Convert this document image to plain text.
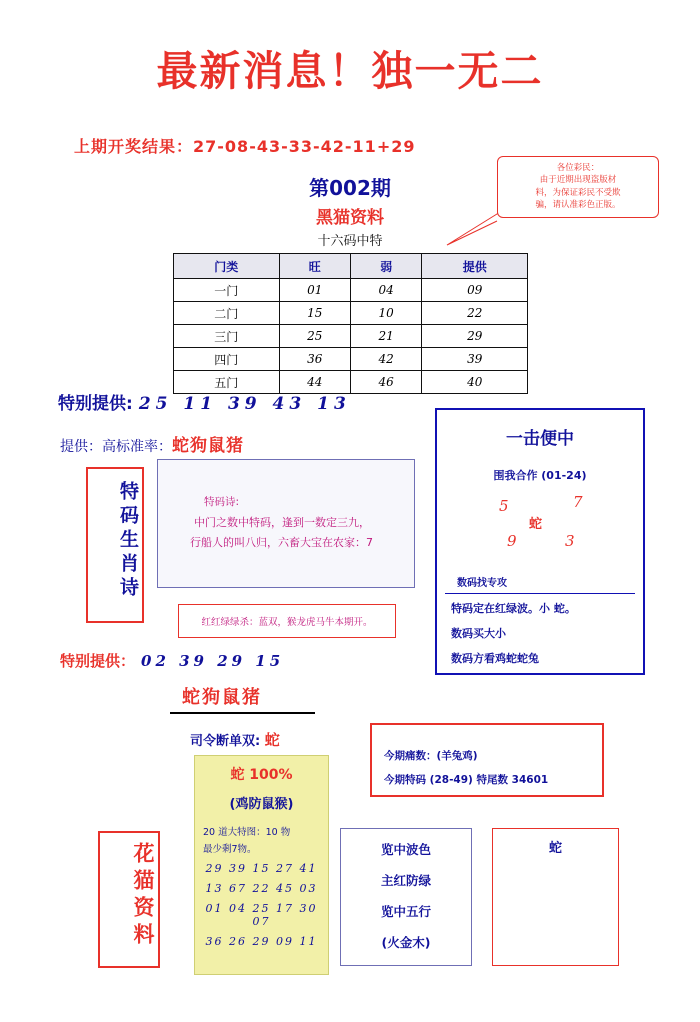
最新消息！独一无二
上期开奖结果：27-08-43-33-42-11+29
第002期
黑猫资料
十六码中特
各位彩民：
由于近期出现盗版材
料，为保证彩民不受欺
骗，请认准彩色正版。
门类	旺	弱	提供
一门	01	04	09
二门	15	10	22
三门	25	21	29
四门	36	42	39
五门	44	46	40
特别提供: 25 11 39 43 13
提供：高标准率：蛇狗鼠猪
特码生肖诗	特码诗:
中门之数中特码，逢到一数定三九，
行船人的叫八归，六畜大宝在农家：7
红红绿绿杀：蓝双，猴龙虎马牛本期开。
特别提供： 02 39 29 15
蛇狗鼠猪
一击便中
围我合作 (01-24)
5	7
蛇
9	3
数码找专攻
特码定在红绿波。小 蛇。
数码买大小
数码方看鸡蛇蛇兔
司令断单双: 蛇
蛇 100%
(鸡防鼠猴)
20 道大特图：10 物
最少剩7物。
29 39 15 27 41
13 67 22 45 03
01 04 25 17 30 07
36 26 29 09 11
花猫资料
今期痛数：(羊兔鸡)
今期特码 (28-49) 特尾数 34601
览中波色
主红防绿
览中五行
(火金木)
蛇
